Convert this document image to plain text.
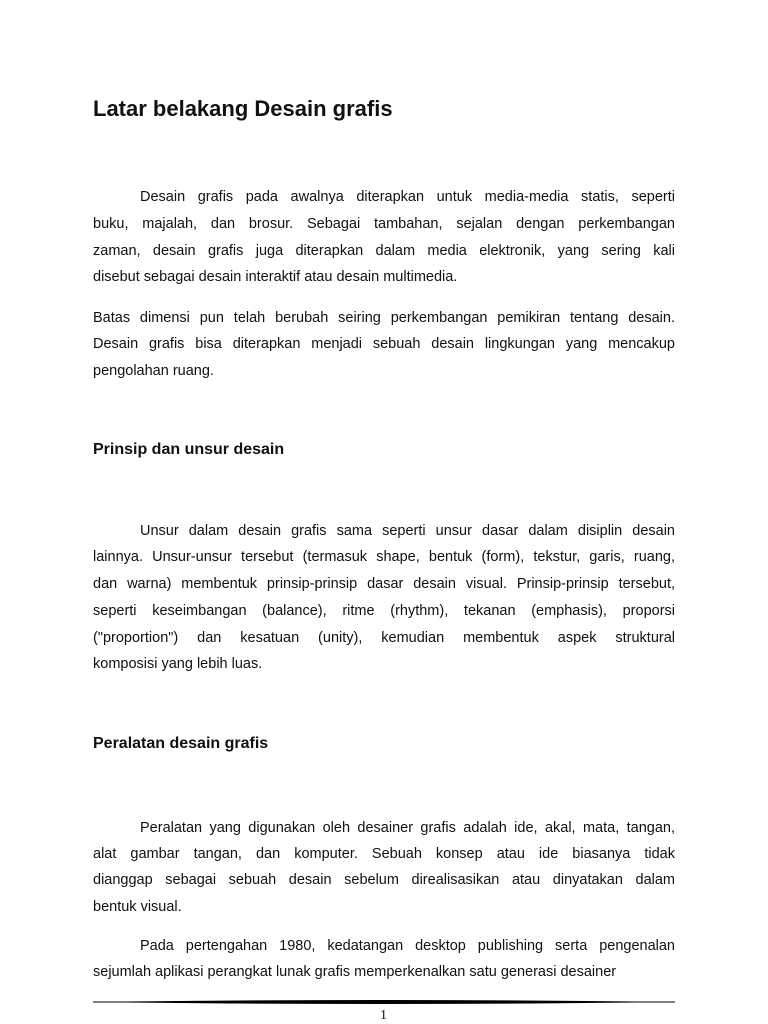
Latar belakang Desain grafis
Desain grafis pada awalnya diterapkan untuk media-media statis, seperti
buku, majalah, dan brosur. Sebagai tambahan, sejalan dengan perkembangan
zaman, desain grafis juga diterapkan dalam media elektronik, yang sering kali
disebut sebagai desain interaktif atau desain multimedia.
Batas dimensi pun telah berubah seiring perkembangan pemikiran tentang desain.
Desain grafis bisa diterapkan menjadi sebuah desain lingkungan yang mencakup
pengolahan ruang.
Prinsip dan unsur desain
Unsur dalam desain grafis sama seperti unsur dasar dalam disiplin desain
lainnya. Unsur-unsur tersebut (termasuk shape, bentuk (form), tekstur, garis, ruang,
dan warna) membentuk prinsip-prinsip dasar desain visual. Prinsip-prinsip tersebut,
seperti keseimbangan (balance), ritme (rhythm), tekanan (emphasis), proporsi
("proportion") dan kesatuan (unity), kemudian membentuk aspek struktural
komposisi yang lebih luas.
Peralatan desain grafis
Peralatan yang digunakan oleh desainer grafis adalah ide, akal, mata, tangan,
alat gambar tangan, dan komputer. Sebuah konsep atau ide biasanya tidak
dianggap sebagai sebuah desain sebelum direalisasikan atau dinyatakan dalam
bentuk visual.
Pada pertengahan 1980, kedatangan desktop publishing serta pengenalan
sejumlah aplikasi perangkat lunak grafis memperkenalkan satu generasi desainer
1
